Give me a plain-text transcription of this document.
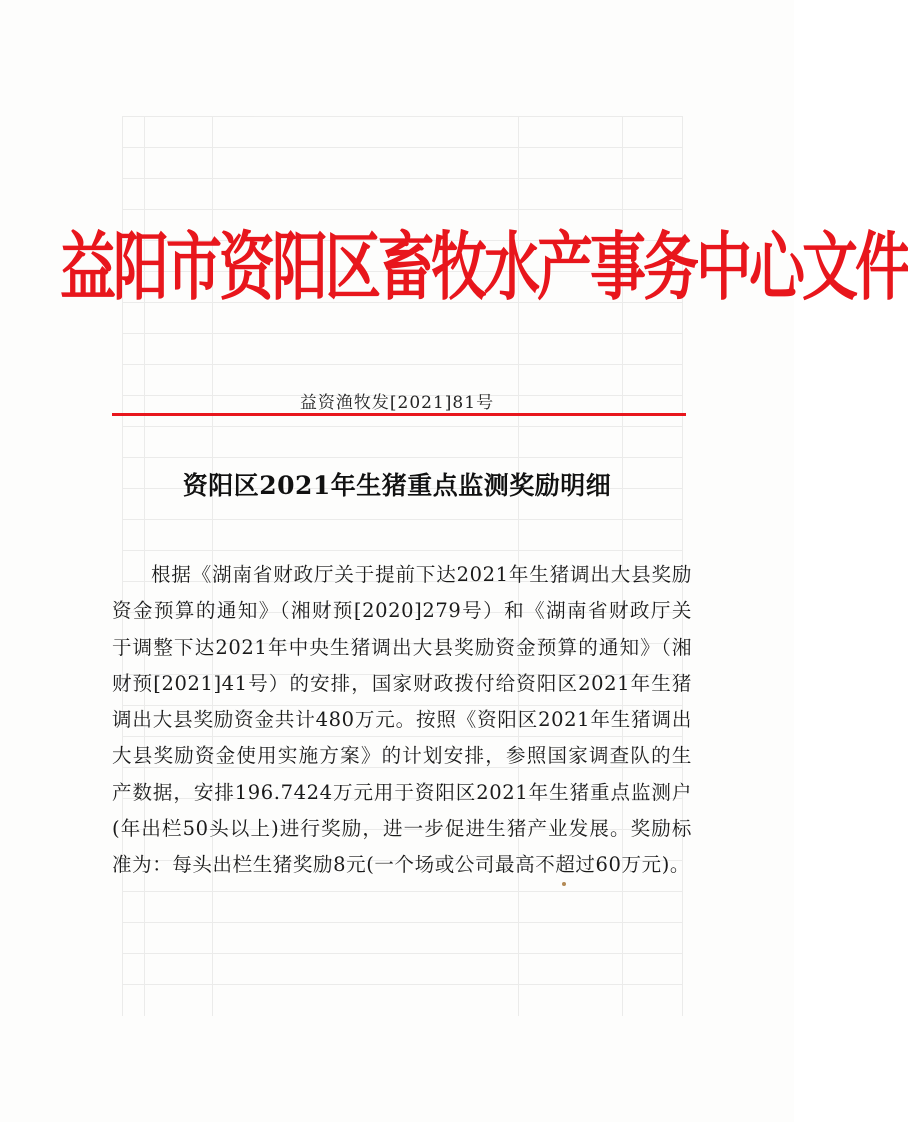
益阳市资阳区畜牧水产事务中心文件
益资渔牧发[2021]81号
资阳区2021年生猪重点监测奖励明细

根据《湖南省财政厅关于提前下达2021年生猪调出大县奖励资金预算的通知》（湘财预[2020]279号）和《湖南省财政厅关于调整下达2021年中央生猪调出大县奖励资金预算的通知》（湘财预[2021]41号）的安排，国家财政拨付给资阳区2021年生猪调出大县奖励资金共计480万元。按照《资阳区2021年生猪调出大县奖励资金使用实施方案》的计划安排，参照国家调查队的生产数据，安排196.7424万元用于资阳区2021年生猪重点监测户(年出栏50头以上)进行奖励，进一步促进生猪产业发展。奖励标准为：每头出栏生猪奖励8元(一个场或公司最高不超过60万元)。
